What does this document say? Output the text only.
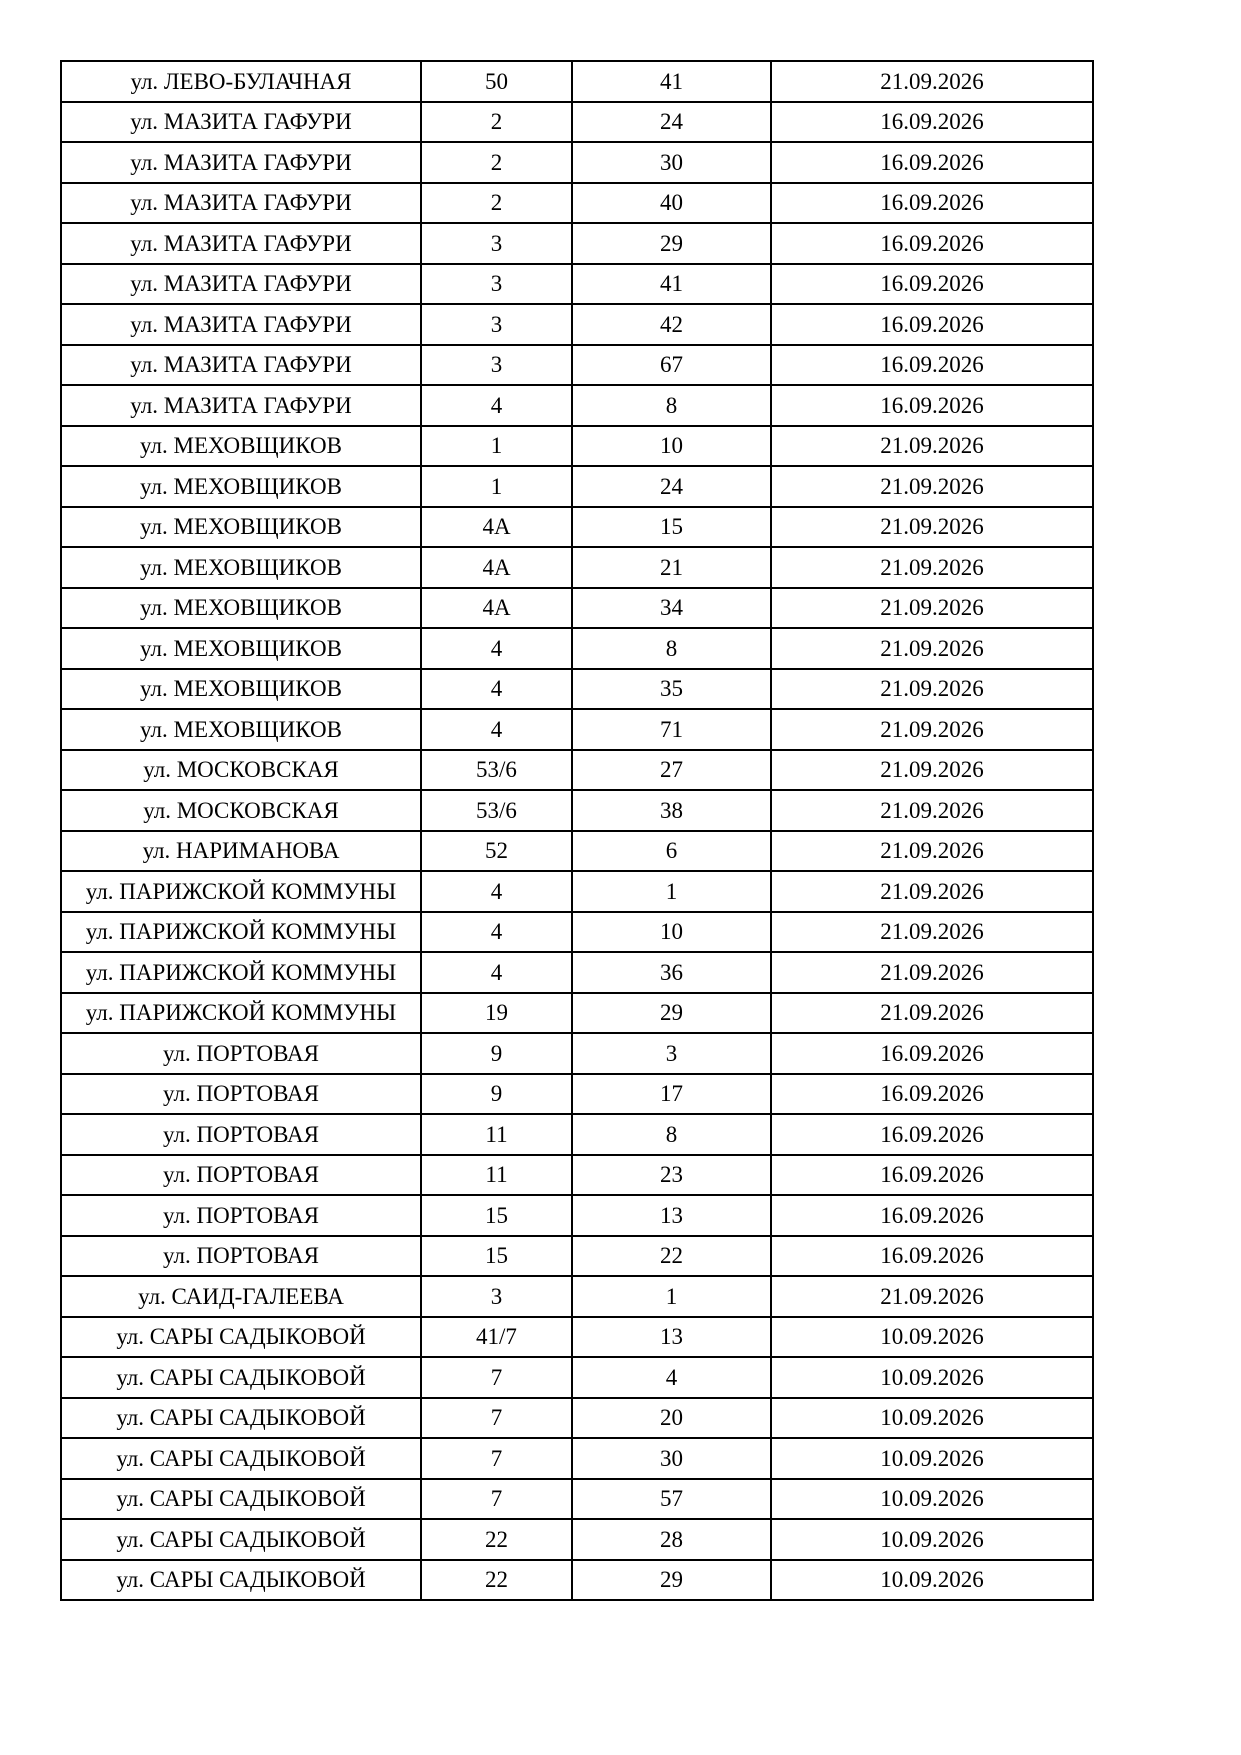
ул. ЛЕВО-БУЛАЧНАЯ	50	41	21.09.2026
ул. МАЗИТА ГАФУРИ	2	24	16.09.2026
ул. МАЗИТА ГАФУРИ	2	30	16.09.2026
ул. МАЗИТА ГАФУРИ	2	40	16.09.2026
ул. МАЗИТА ГАФУРИ	3	29	16.09.2026
ул. МАЗИТА ГАФУРИ	3	41	16.09.2026
ул. МАЗИТА ГАФУРИ	3	42	16.09.2026
ул. МАЗИТА ГАФУРИ	3	67	16.09.2026
ул. МАЗИТА ГАФУРИ	4	8	16.09.2026
ул. МЕХОВЩИКОВ	1	10	21.09.2026
ул. МЕХОВЩИКОВ	1	24	21.09.2026
ул. МЕХОВЩИКОВ	4А	15	21.09.2026
ул. МЕХОВЩИКОВ	4А	21	21.09.2026
ул. МЕХОВЩИКОВ	4А	34	21.09.2026
ул. МЕХОВЩИКОВ	4	8	21.09.2026
ул. МЕХОВЩИКОВ	4	35	21.09.2026
ул. МЕХОВЩИКОВ	4	71	21.09.2026
ул. МОСКОВСКАЯ	53/6	27	21.09.2026
ул. МОСКОВСКАЯ	53/6	38	21.09.2026
ул. НАРИМАНОВА	52	6	21.09.2026
ул. ПАРИЖСКОЙ КОММУНЫ	4	1	21.09.2026
ул. ПАРИЖСКОЙ КОММУНЫ	4	10	21.09.2026
ул. ПАРИЖСКОЙ КОММУНЫ	4	36	21.09.2026
ул. ПАРИЖСКОЙ КОММУНЫ	19	29	21.09.2026
ул. ПОРТОВАЯ	9	3	16.09.2026
ул. ПОРТОВАЯ	9	17	16.09.2026
ул. ПОРТОВАЯ	11	8	16.09.2026
ул. ПОРТОВАЯ	11	23	16.09.2026
ул. ПОРТОВАЯ	15	13	16.09.2026
ул. ПОРТОВАЯ	15	22	16.09.2026
ул. САИД-ГАЛЕЕВА	3	1	21.09.2026
ул. САРЫ САДЫКОВОЙ	41/7	13	10.09.2026
ул. САРЫ САДЫКОВОЙ	7	4	10.09.2026
ул. САРЫ САДЫКОВОЙ	7	20	10.09.2026
ул. САРЫ САДЫКОВОЙ	7	30	10.09.2026
ул. САРЫ САДЫКОВОЙ	7	57	10.09.2026
ул. САРЫ САДЫКОВОЙ	22	28	10.09.2026
ул. САРЫ САДЫКОВОЙ	22	29	10.09.2026
